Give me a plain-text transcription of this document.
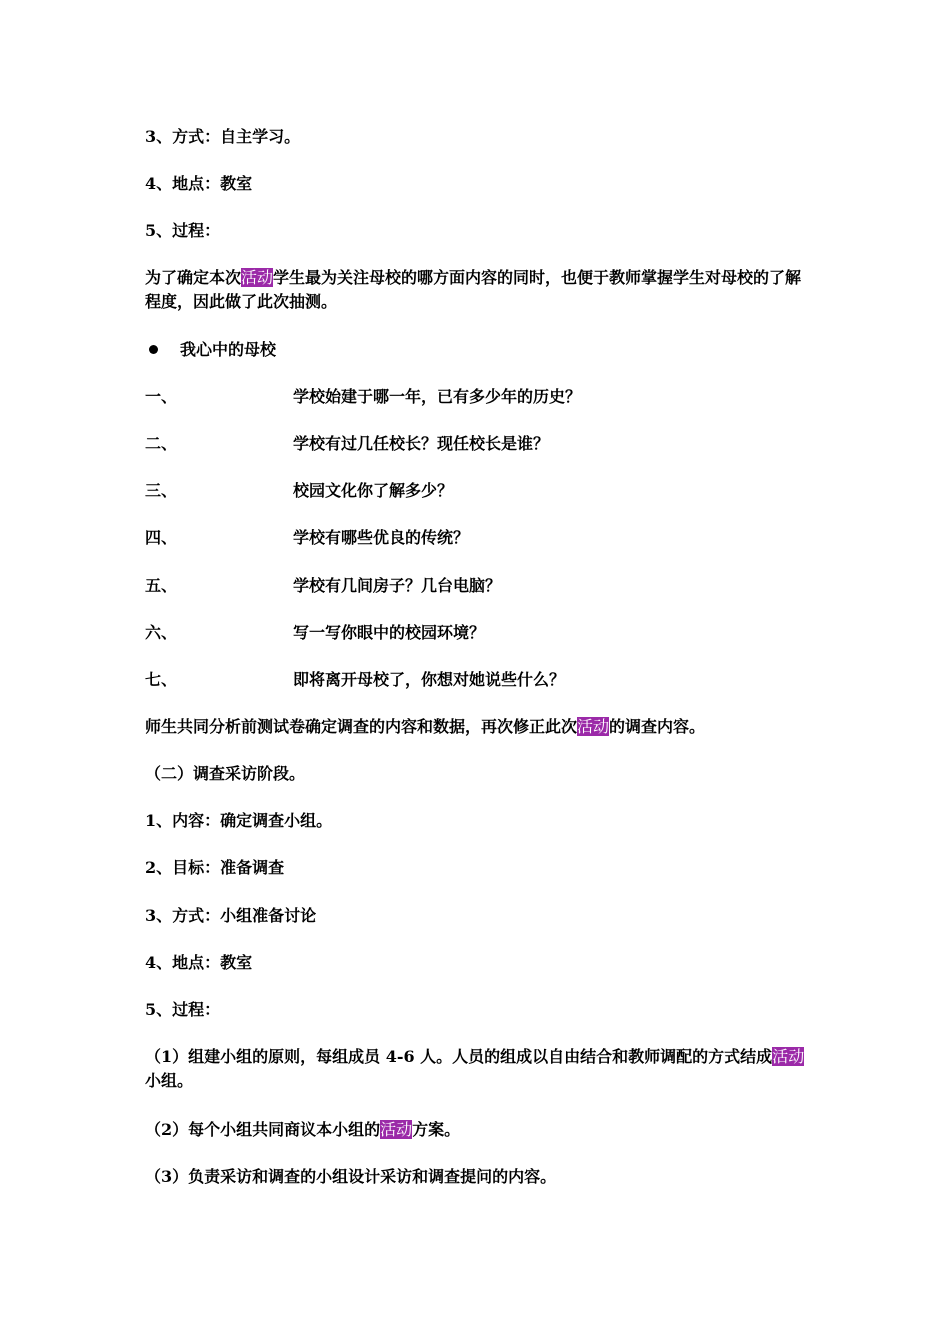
3、方式：自主学习。
4、地点：教室
5、过程：
为了确定本次活动学生最为关注母校的哪方面内容的同时，也便于教师掌握学生对母校的了解程度，因此做了此次抽测。
我心中的母校
一、	学校始建于哪一年，已有多少年的历史？
二、	学校有过几任校长？现任校长是谁？
三、	校园文化你了解多少？
四、	学校有哪些优良的传统？
五、	学校有几间房子？几台电脑？
六、	写一写你眼中的校园环境？
七、	即将离开母校了，你想对她说些什么？
师生共同分析前测试卷确定调查的内容和数据，再次修正此次活动的调查内容。
（二）调查采访阶段。
1、内容：确定调查小组。
2、目标：准备调查
3、方式：小组准备讨论
4、地点：教室
5、过程：
（1）组建小组的原则，每组成员 4-6 人。人员的组成以自由结合和教师调配的方式结成活动小组。
（2）每个小组共同商议本小组的活动方案。
（3）负责采访和调查的小组设计采访和调查提问的内容。
